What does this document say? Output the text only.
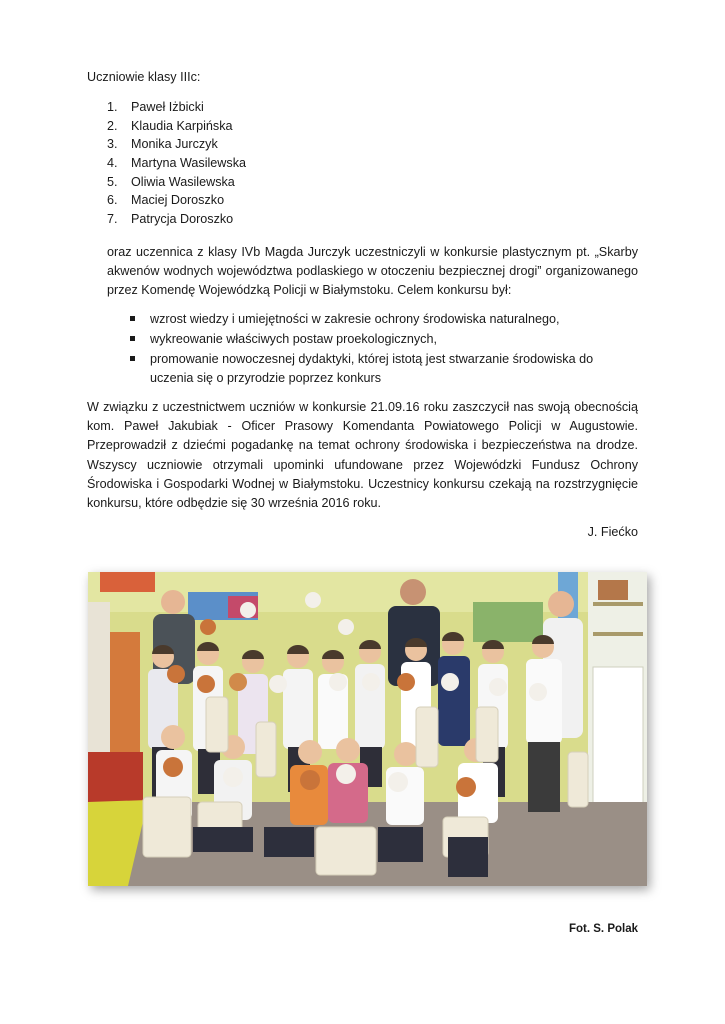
Uczniowie klasy IIIc:
1. Paweł Iżbicki
2. Klaudia Karpińska
3. Monika Jurczyk
4. Martyna Wasilewska
5. Oliwia Wasilewska
6. Maciej Doroszko
7. Patrycja Doroszko

oraz uczennica z klasy IVb Magda Jurczyk uczestniczyli w konkursie plastycznym pt. „Skarby akwenów wodnych województwa podlaskiego w otoczeniu bezpiecznej drogi” organizowanego przez Komendę Wojewódzką Policji w Białymstoku. Celem konkursu był:

wzrost wiedzy i umiejętności w zakresie ochrony środowiska naturalnego,
wykreowanie właściwych postaw proekologicznych,
promowanie nowoczesnej dydaktyki, której istotą jest stwarzanie środowiska do uczenia się o przyrodzie poprzez konkurs

W związku z uczestnictwem uczniów w konkursie 21.09.16 roku zaszczycił nas swoją obecnością kom. Paweł Jakubiak - Oficer Prasowy Komendanta Powiatowego Policji w Augustowie. Przeprowadził z dziećmi pogadankę na temat ochrony środowiska i bezpieczeństwa na drodze. Wszyscy uczniowie otrzymali upominki ufundowane przez Wojewódzki Fundusz Ochrony Środowiska i Gospodarki Wodnej w Białymstoku. Uczestnicy konkursu czekają na rozstrzygnięcie konkursu, które odbędzie się 30 września 2016 roku.

J. Fiećko
Fot. S. Polak
